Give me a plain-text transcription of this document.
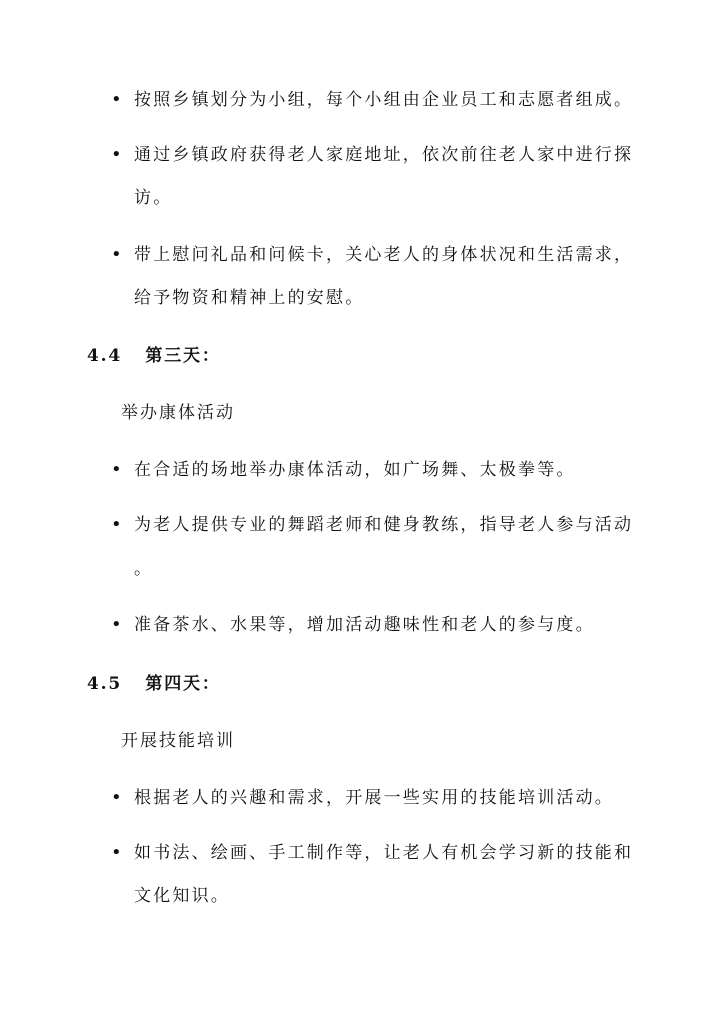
• 按照乡镇划分为小组，每个小组由企业员工和志愿者组成。
• 通过乡镇政府获得老人家庭地址，依次前往老人家中进行探
访。
• 带上慰问礼品和问候卡，关心老人的身体状况和生活需求，
给予物资和精神上的安慰。
4.4 第三天：
举办康体活动
• 在合适的场地举办康体活动，如广场舞、太极拳等。
• 为老人提供专业的舞蹈老师和健身教练，指导老人参与活动
。
• 准备茶水、水果等，增加活动趣味性和老人的参与度。
4.5 第四天：
开展技能培训
• 根据老人的兴趣和需求，开展一些实用的技能培训活动。
• 如书法、绘画、手工制作等，让老人有机会学习新的技能和
文化知识。
